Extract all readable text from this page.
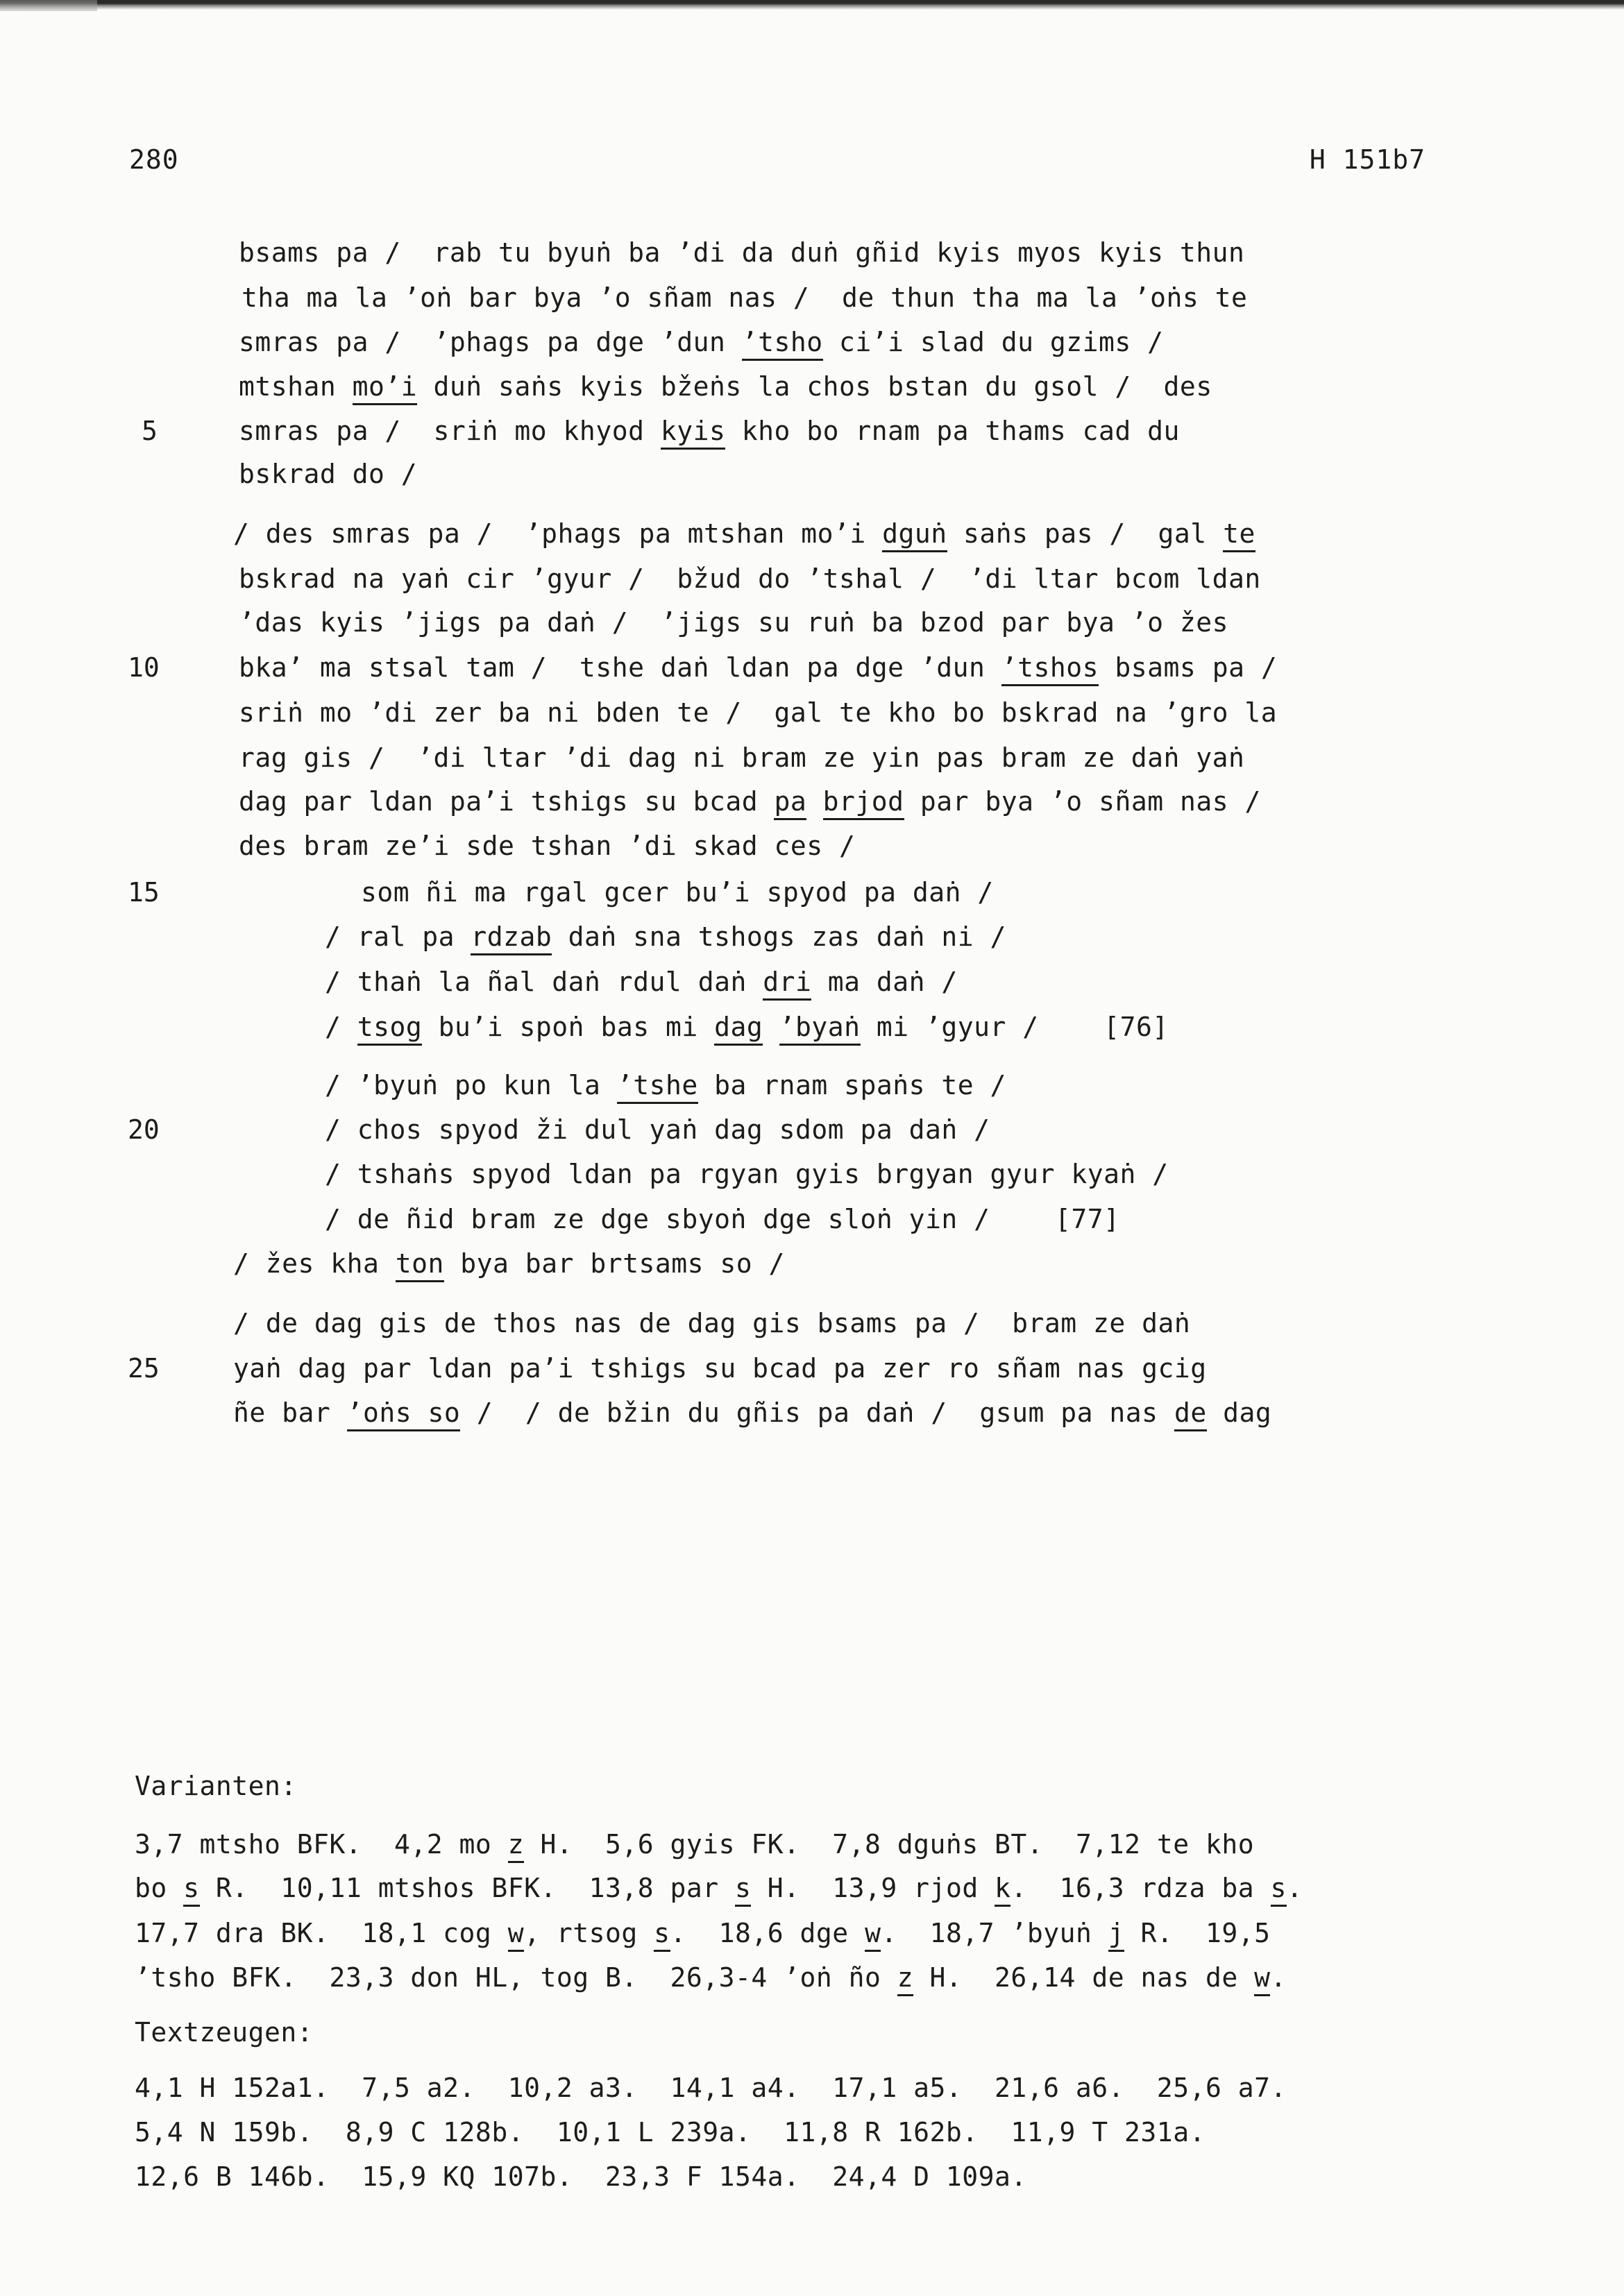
280	H 151b7
bsams pa /  rab tu byuṅ ba ’di da duṅ gñid kyis myos kyis thun
tha ma la ’oṅ bar bya ’o sñam nas /  de thun tha ma la ’oṅs te
smras pa /  ’phags pa dge ’dun ’tsho ci’i slad du gzims /
mtshan mo’i duṅ saṅs kyis bžeṅs la chos bstan du gsol /  des
smras pa /  sriṅ mo khyod kyis kho bo rnam pa thams cad du
bskrad do /
/ des smras pa /  ’phags pa mtshan mo’i dguṅ saṅs pas /  gal te
bskrad na yaṅ cir ’gyur /  bžud do ’tshal /  ’di ltar bcom ldan
’das kyis ’jigs pa daṅ /  ’jigs su ruṅ ba bzod par bya ’o žes
bka’ ma stsal tam /  tshe daṅ ldan pa dge ’dun ’tshos bsams pa /
sriṅ mo ’di zer ba ni bden te /  gal te kho bo bskrad na ’gro la
rag gis /  ’di ltar ’di dag ni bram ze yin pas bram ze daṅ yaṅ
dag par ldan pa’i tshigs su bcad pa brjod par bya ’o sñam nas /
des bram ze’i sde tshan ’di skad ces /
som ñi ma rgal gcer bu’i spyod pa daṅ /
/ ral pa rdzab daṅ sna tshogs zas daṅ ni /
/ thaṅ la ñal daṅ rdul daṅ dri ma daṅ /
/ tsog bu’i spoṅ bas mi dag ’byaṅ mi ’gyur /    [76]
/ ’byuṅ po kun la ’tshe ba rnam spaṅs te /
/ chos spyod ži dul yaṅ dag sdom pa daṅ /
/ tshaṅs spyod ldan pa rgyan gyis brgyan gyur kyaṅ /
/ de ñid bram ze dge sbyoṅ dge sloṅ yin /    [77]
/ žes kha ton bya bar brtsams so /
/ de dag gis de thos nas de dag gis bsams pa /  bram ze daṅ
yaṅ dag par ldan pa’i tshigs su bcad pa zer ro sñam nas gcig
ñe bar ’oṅs so /  / de bžin du gñis pa daṅ /  gsum pa nas de dag
5
10
15
20
25
Varianten:
3,7 mtsho BFK.  4,2 mo z H.  5,6 gyis FK.  7,8 dguṅs BT.  7,12 te kho
bo s R.  10,11 mtshos BFK.  13,8 par s H.  13,9 rjod k.  16,3 rdza ba s.
17,7 dra BK.  18,1 cog w, rtsog s.  18,6 dge w.  18,7 ’byuṅ j R.  19,5
’tsho BFK.  23,3 don HL, tog B.  26,3-4 ’oṅ ño z H.  26,14 de nas de w.
Textzeugen:
4,1 H 152a1.  7,5 a2.  10,2 a3.  14,1 a4.  17,1 a5.  21,6 a6.  25,6 a7.
5,4 N 159b.  8,9 C 128b.  10,1 L 239a.  11,8 R 162b.  11,9 T 231a.
12,6 B 146b.  15,9 KQ 107b.  23,3 F 154a.  24,4 D 109a.
